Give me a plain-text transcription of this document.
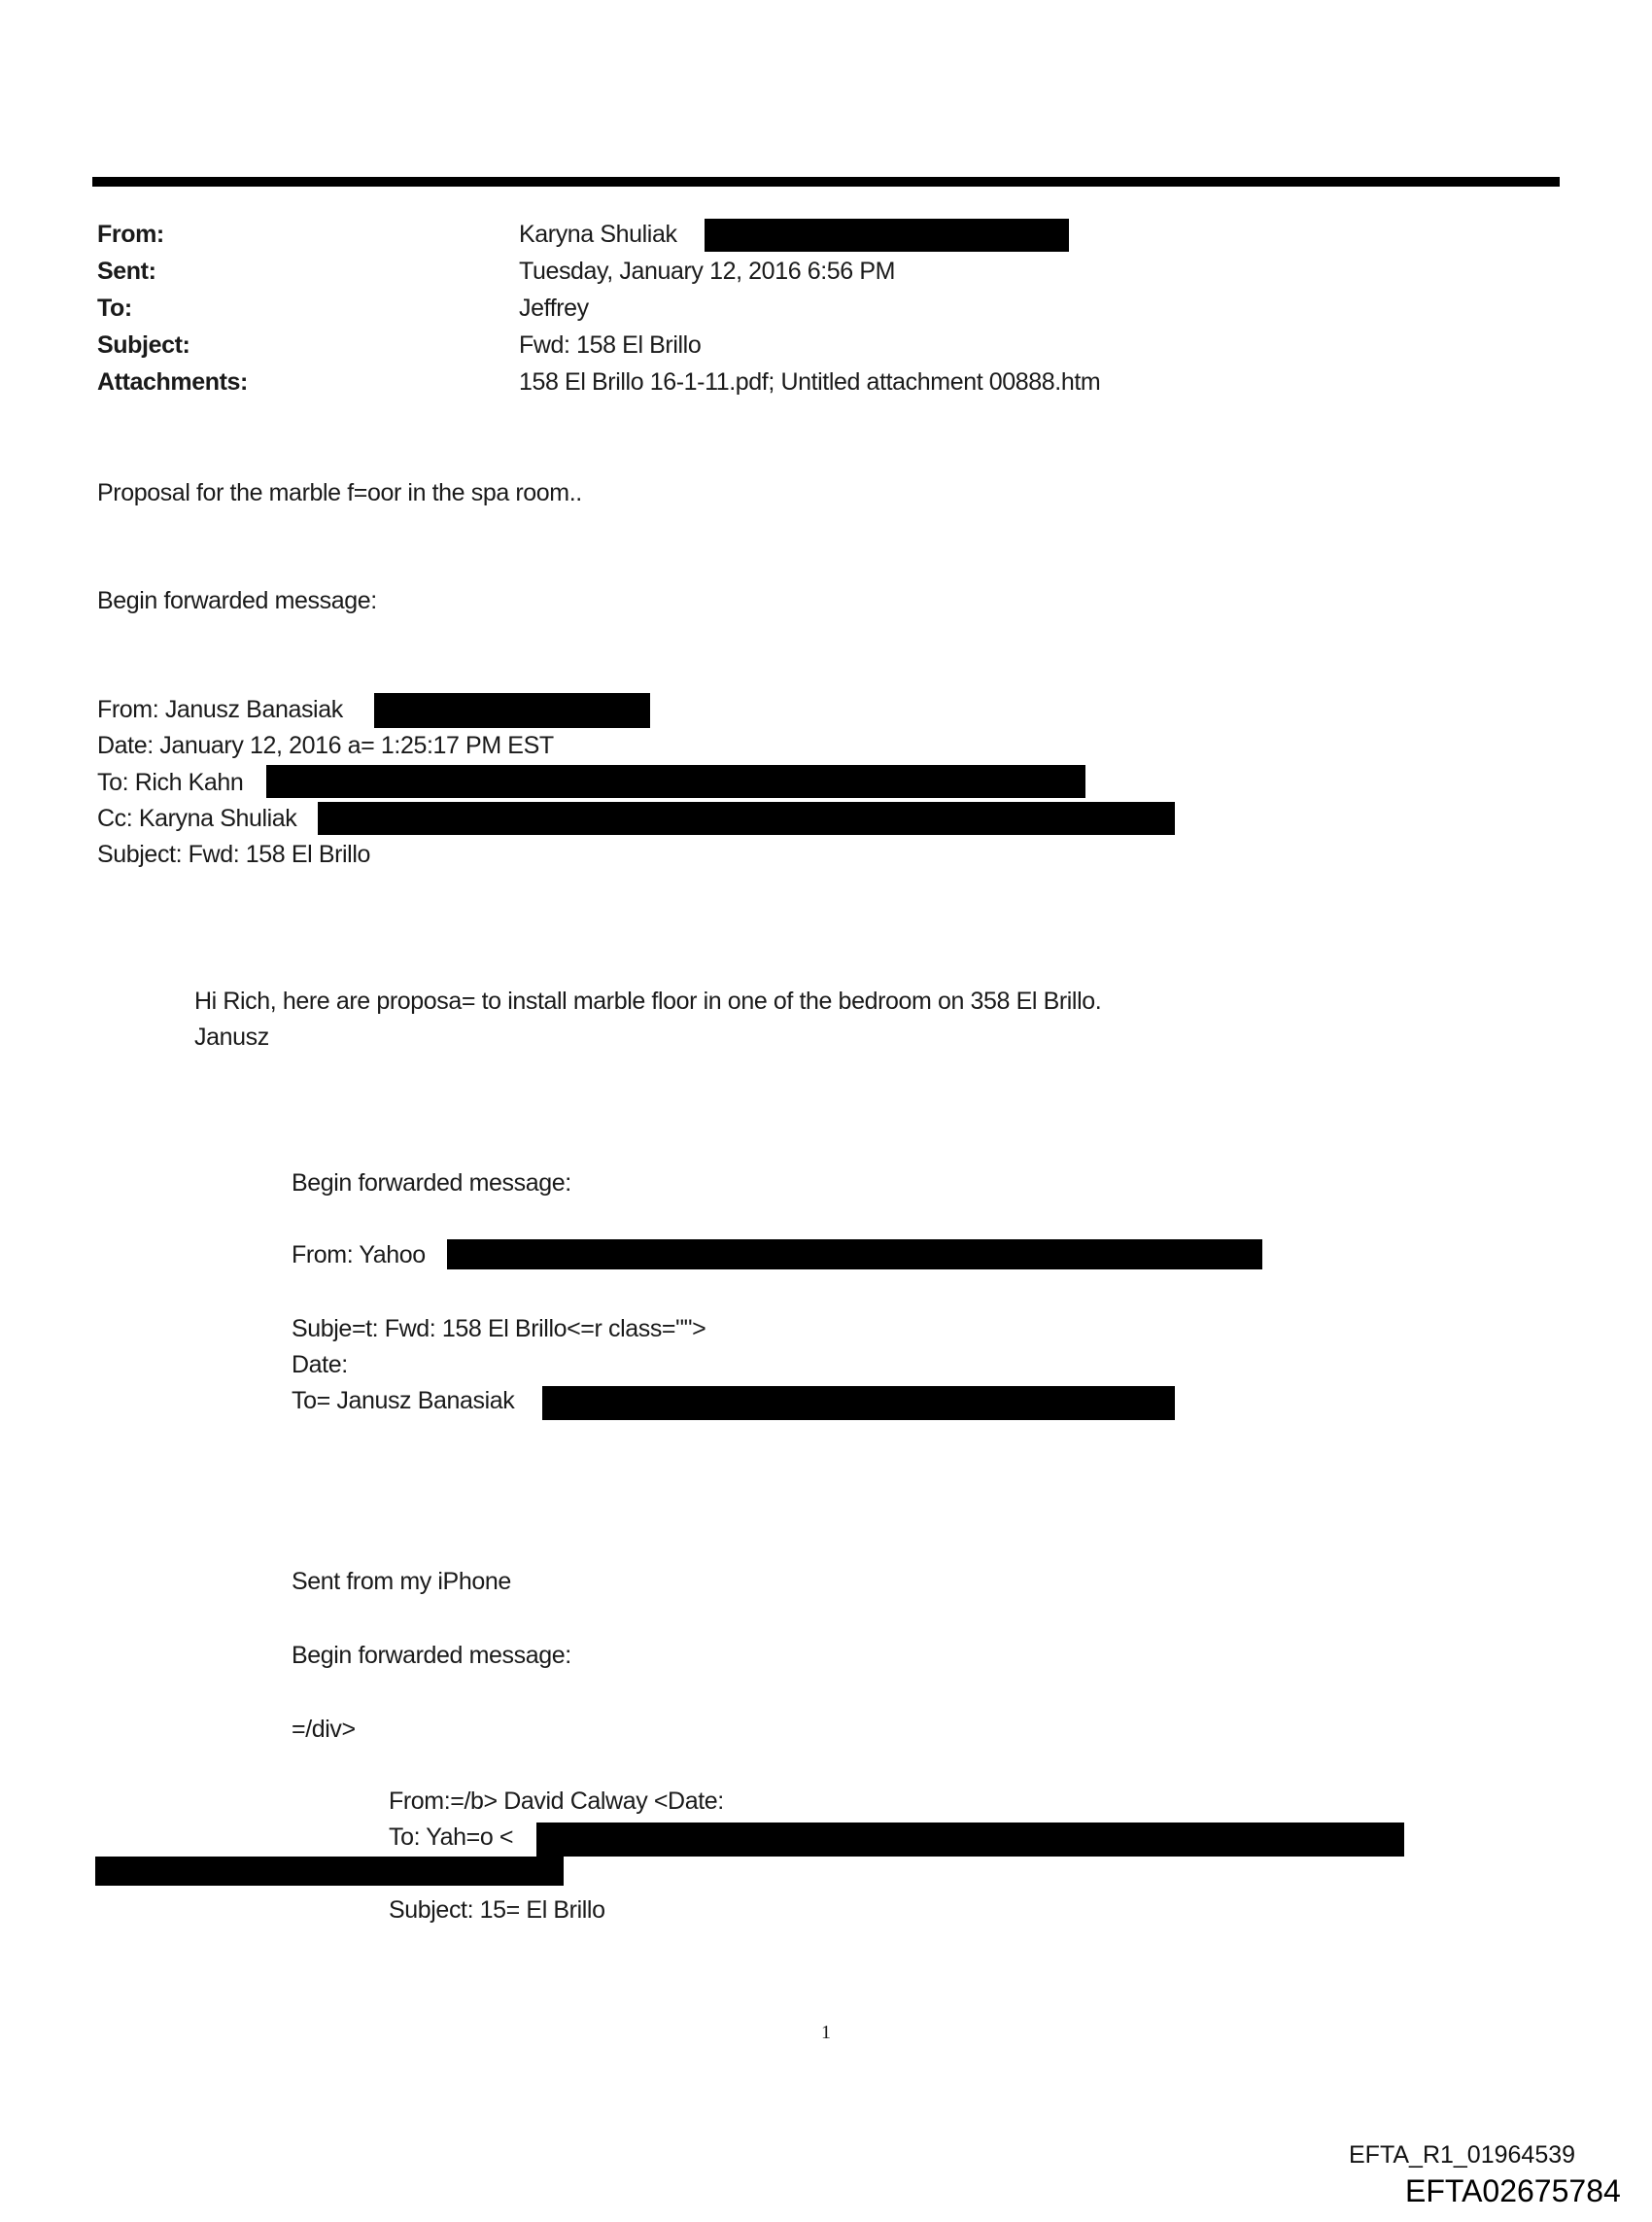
From:
Sent:
To:
Subject:
Attachments:
Karyna Shuliak
Tuesday, January 12, 2016 6:56 PM
Jeffrey
Fwd: 158 El Brillo
158 El Brillo 16-1-11.pdf; Untitled attachment 00888.htm
Proposal for the marble f=oor in the spa room..
Begin forwarded message:
From: Janusz Banasiak
Date: January 12, 2016 a= 1:25:17 PM EST
To: Rich Kahn
Cc: Karyna Shuliak
Subject: Fwd: 158 El Brillo
Hi Rich, here are proposa= to install marble floor in one of the bedroom on 358 El Brillo.
Janusz
Begin forwarded message:
From: Yahoo
Subje=t: Fwd: 158 El Brillo<=r class="">
Date:
To= Janusz Banasiak
Sent from my iPhone
Begin forwarded message:
=/div>
From:=/b> David Calway <Date:
To: Yah=o <
Subject: 15= El Brillo
1
EFTA_R1_01964539
EFTA02675784
